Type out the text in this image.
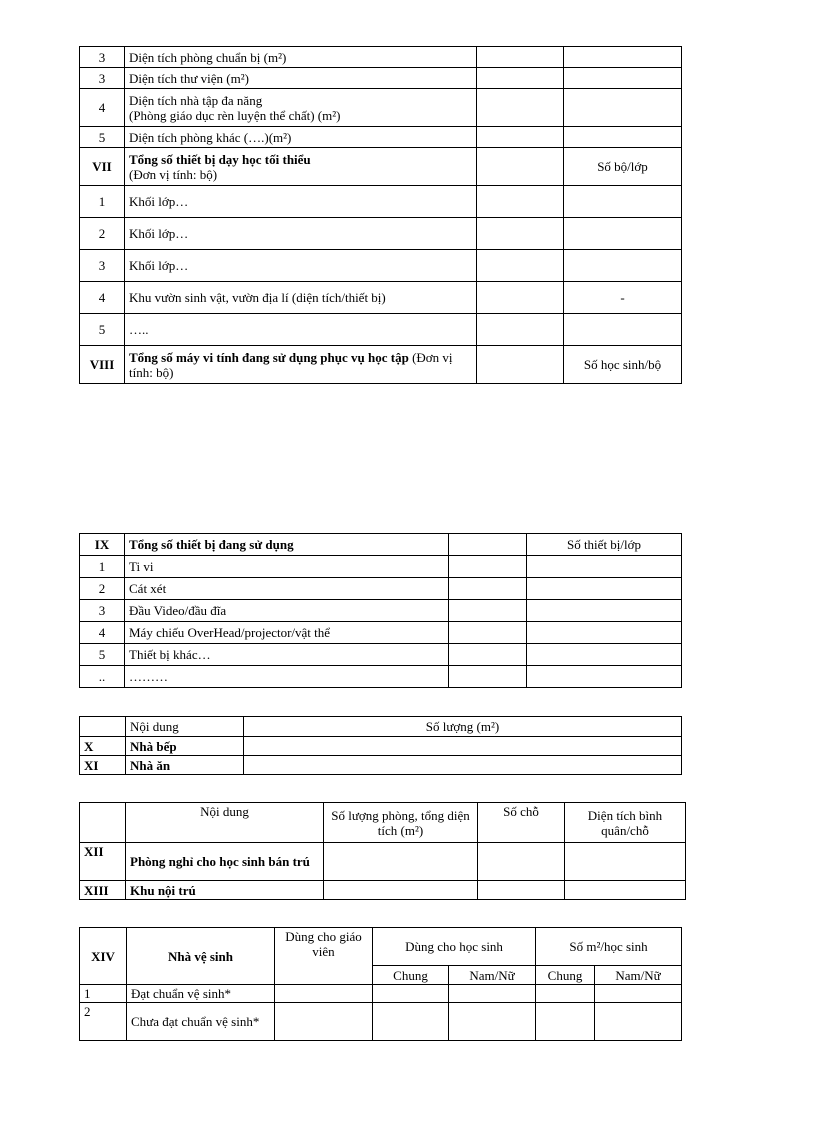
3	Diện tích phòng chuẩn bị (m²)		
3	Diện tích thư viện (m²)		
4	Diện tích nhà tập đa năng
(Phòng giáo dục rèn luyện thể chất) (m²)		

5	Diện tích phòng khác (….)(m²)		
VII	Tổng số thiết bị dạy học tối thiểu
(Đơn vị tính: bộ)		Số bộ/lớp
1	Khối lớp…		
2	Khối lớp…		
3	Khối lớp…		
4	Khu vườn sinh vật, vườn địa lí (diện tích/thiết bị)		-
5	…..		
VIII	Tổng số máy vi tính đang sử dụng phục vụ học tập (Đơn vị tính: bộ)		Số học sinh/bộ
IX	Tổng số thiết bị đang sử dụng		Số thiết bị/lớp
1	Ti vi		
2	Cát xét		
3	Đầu Video/đầu đĩa		
4	Máy chiếu OverHead/projector/vật thể		
5	Thiết bị khác…		
..	………		
	Nội dung	Số lượng (m²)
X	Nhà bếp	
XI	Nhà ăn	
	Nội dung	Số lượng phòng, tổng diện tích (m²)	Số chỗ	Diện tích bình quân/chỗ
XII	Phòng nghỉ cho học sinh bán trú			
XIII	Khu nội trú			
XIV	Nhà vệ sinh	Dùng cho giáo viên	Dùng cho học sinh		Số m²/học sinh	
			Chung	Nam/Nữ	Chung	Nam/Nữ
1	Đạt chuẩn vệ sinh*					
2	Chưa đạt chuẩn vệ sinh*					
